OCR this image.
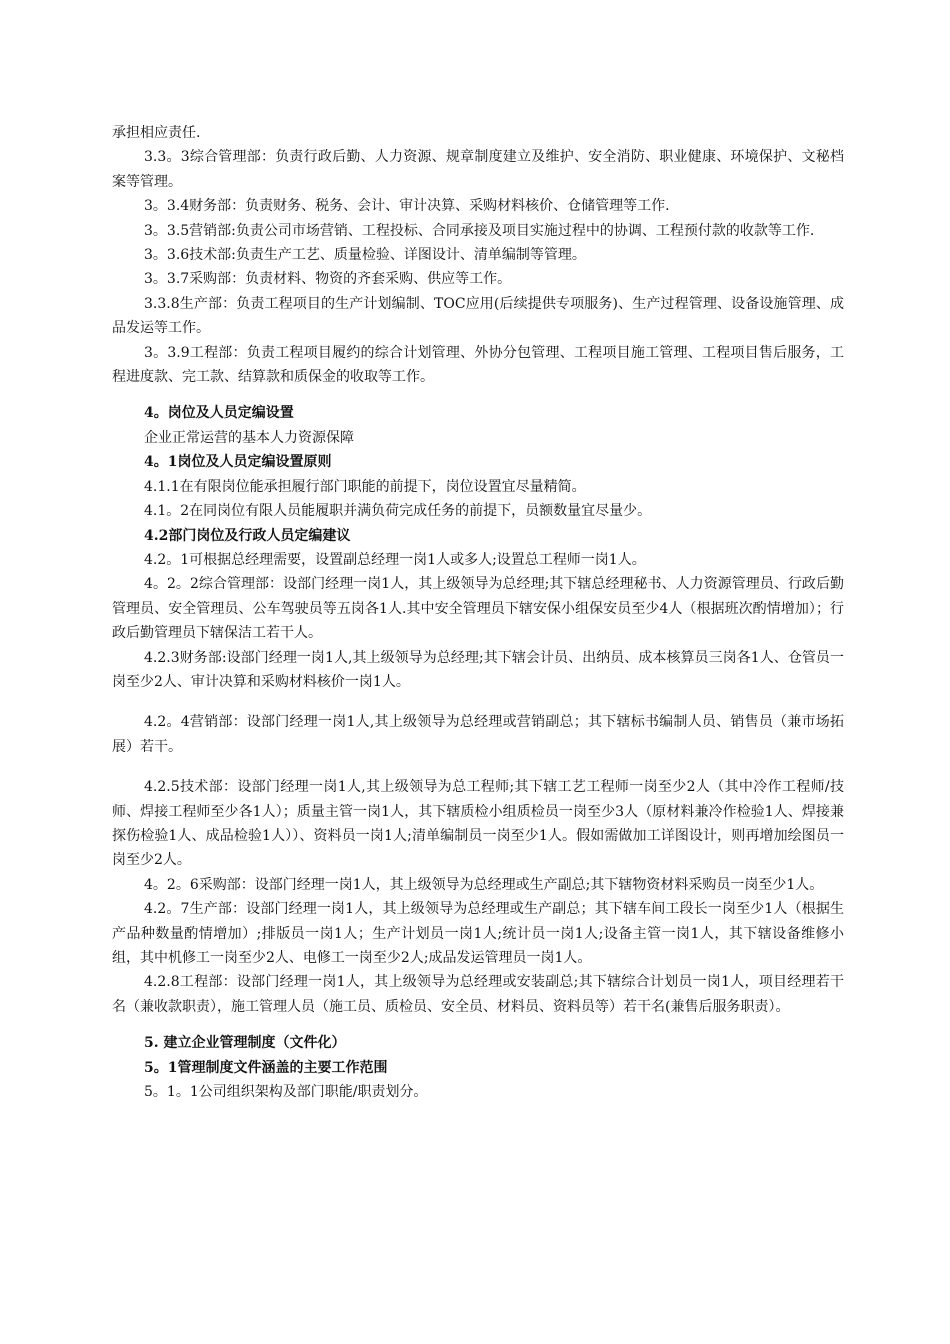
承担相应责任.

3.3。3综合管理部：负责行政后勤、人力资源、规章制度建立及维护、安全消防、职业健康、环境保护、文秘档案等管理。

3。3.4财务部：负责财务、税务、会计、审计决算、采购材料核价、仓储管理等工作.

3。3.5营销部:负责公司市场营销、工程投标、合同承接及项目实施过程中的协调、工程预付款的收款等工作.

3。3.6技术部:负责生产工艺、质量检验、详图设计、清单编制等管理。

3。3.7采购部：负责材料、物资的齐套采购、供应等工作。

3.3.8生产部：负责工程项目的生产计划编制、TOC应用(后续提供专项服务)、生产过程管理、设备设施管理、成品发运等工作。

3。3.9工程部：负责工程项目履约的综合计划管理、外协分包管理、工程项目施工管理、工程项目售后服务，工程进度款、完工款、结算款和质保金的收取等工作。

4。岗位及人员定编设置

企业正常运营的基本人力资源保障

4。1岗位及人员定编设置原则

4.1.1在有限岗位能承担履行部门职能的前提下，岗位设置宜尽量精简。

4.1。2在同岗位有限人员能履职并满负荷完成任务的前提下，员额数量宜尽量少。

4.2部门岗位及行政人员定编建议

4.2。1可根据总经理需要，设置副总经理一岗1人或多人;设置总工程师一岗1人。

4。2。2综合管理部：设部门经理一岗1人，其上级领导为总经理;其下辖总经理秘书、人力资源管理员、行政后勤管理员、安全管理员、公车驾驶员等五岗各1人.其中安全管理员下辖安保小组保安员至少4人（根据班次酌情增加）；行政后勤管理员下辖保洁工若干人。

4.2.3财务部:设部门经理一岗1人,其上级领导为总经理;其下辖会计员、出纳员、成本核算员三岗各1人、仓管员一岗至少2人、审计决算和采购材料核价一岗1人。

4.2。4营销部：设部门经理一岗1人,其上级领导为总经理或营销副总；其下辖标书编制人员、销售员（兼市场拓展）若干。

4.2.5技术部：设部门经理一岗1人,其上级领导为总工程师;其下辖工艺工程师一岗至少2人（其中冷作工程师/技师、焊接工程师至少各1人）；质量主管一岗1人，其下辖质检小组质检员一岗至少3人（原材料兼冷作检验1人、焊接兼探伤检验1人、成品检验1人））、资料员一岗1人;清单编制员一岗至少1人。假如需做加工详图设计，则再增加绘图员一岗至少2人。

4。2。6采购部：设部门经理一岗1人，其上级领导为总经理或生产副总;其下辖物资材料采购员一岗至少1人。

4.2。7生产部：设部门经理一岗1人，其上级领导为总经理或生产副总；其下辖车间工段长一岗至少1人（根据生产品种数量酌情增加）;排版员一岗1人；生产计划员一岗1人;统计员一岗1人;设备主管一岗1人，其下辖设备维修小组，其中机修工一岗至少2人、电修工一岗至少2人;成品发运管理员一岗1人。

4.2.8工程部：设部门经理一岗1人，其上级领导为总经理或安装副总;其下辖综合计划员一岗1人，项目经理若干名（兼收款职责），施工管理人员（施工员、质检员、安全员、材料员、资料员等）若干名(兼售后服务职责）。

5. 建立企业管理制度（文件化）

5。1管理制度文件涵盖的主要工作范围

5。1。1公司组织架构及部门职能/职责划分。
